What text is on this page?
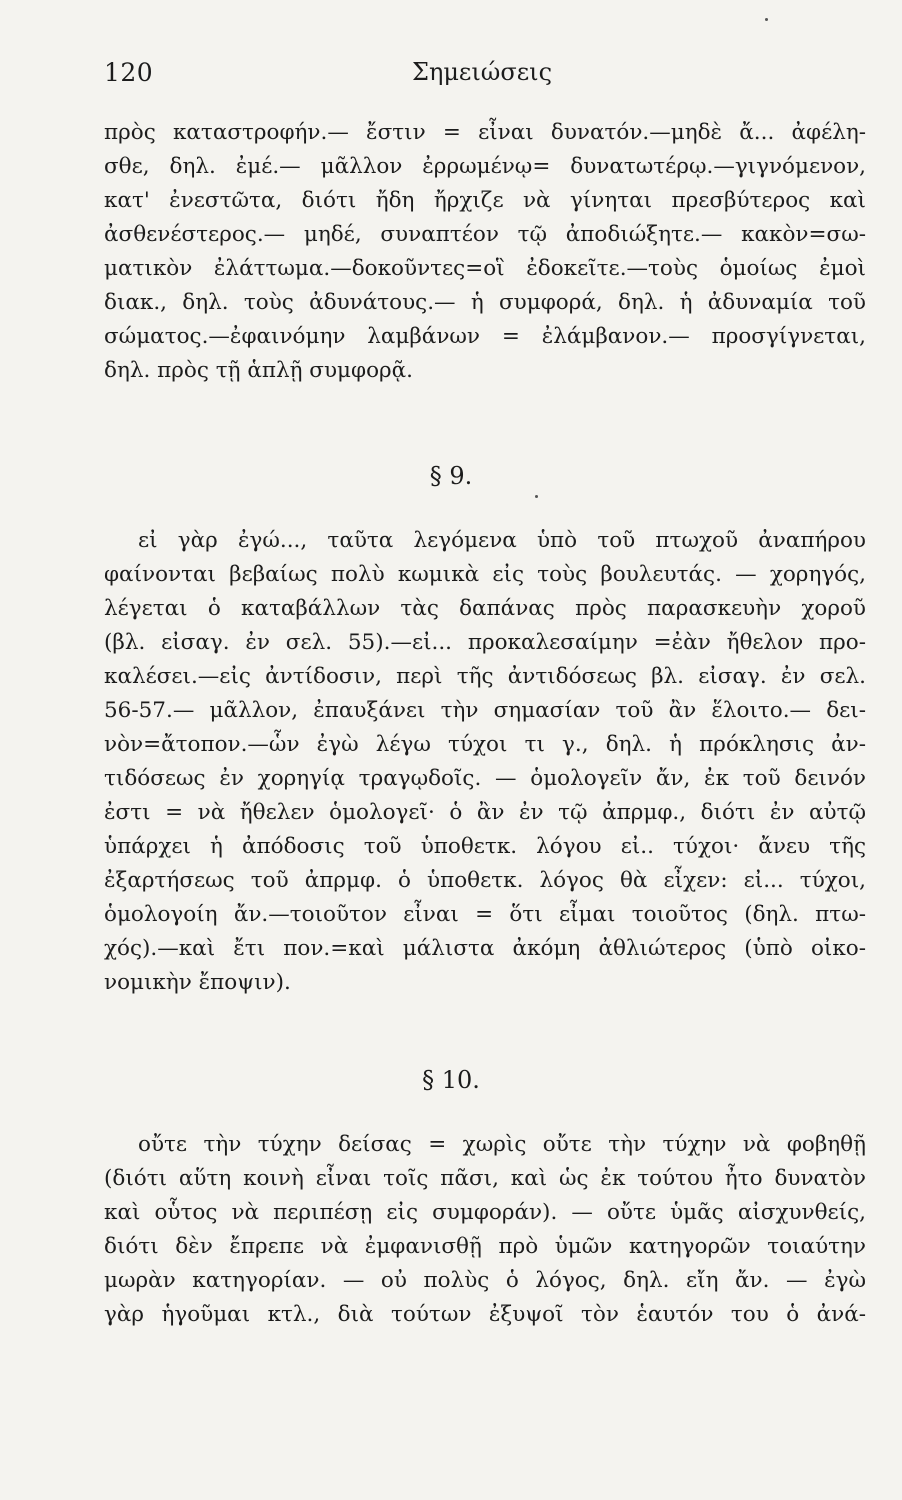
120	Σημειώσεις
πρὸς καταστροφήν.— ἔστιν = εἶναι δυνατόν.—μηδὲ ἄ... ἀφέλη-
σθε, δηλ. ἐμέ.— μᾶλλον ἐρρωμένῳ= δυνατωτέρῳ.—γιγνόμενον,
κατ' ἐνεστῶτα, διότι ἤδη ἤρχιζε νὰ γίνηται πρεσβύτερος καὶ
ἀσθενέστερος.— μηδέ, συναπτέον τῷ ἀποδιώξητε.— κακὸν=σω-
ματικὸν ἐλάττωμα.—δοκοῦντες=οἳ ἐδοκεῖτε.—τοὺς ὁμοίως ἐμοὶ
διακ., δηλ. τοὺς ἀδυνάτους.— ἡ συμφορά, δηλ. ἡ ἀδυναμία τοῦ
σώματος.—ἐφαινόμην λαμβάνων = ἐλάμβανον.— προσγίγνεται,
δηλ. πρὸς τῇ ἁπλῇ συμφορᾷ.
§ 9.
εἰ γὰρ ἐγώ..., ταῦτα λεγόμενα ὑπὸ τοῦ πτωχοῦ ἀναπήρου
φαίνονται βεβαίως πολὺ κωμικὰ εἰς τοὺς βουλευτάς. — χορηγός,
λέγεται ὁ καταβάλλων τὰς δαπάνας πρὸς παρασκευὴν χοροῦ
(βλ. εἰσαγ. ἐν σελ. 55).—εἰ... προκαλεσαίμην =ἐὰν ἤθελον προ-
καλέσει.—εἰς ἀντίδοσιν, περὶ τῆς ἀντιδόσεως βλ. εἰσαγ. ἐν σελ.
56-57.— μᾶλλον, ἐπαυξάνει τὴν σημασίαν τοῦ ἂν ἕλοιτο.— δει-
νὸν=ἄτοπον.—ὧν ἐγὼ λέγω τύχοι τι γ., δηλ. ἡ πρόκλησις ἀν-
τιδόσεως ἐν χορηγίᾳ τραγῳδοῖς. — ὁμολογεῖν ἄν, ἐκ τοῦ δεινόν
ἐστι = νὰ ἤθελεν ὁμολογεῖ· ὁ ἂν ἐν τῷ ἀπρμφ., διότι ἐν αὐτῷ
ὑπάρχει ἡ ἀπόδοσις τοῦ ὑποθετκ. λόγου εἰ.. τύχοι· ἄνευ τῆς
ἐξαρτήσεως τοῦ ἀπρμφ. ὁ ὑποθετκ. λόγος θὰ εἶχεν: εἰ... τύχοι,
ὁμολογοίη ἄν.—τοιοῦτον εἶναι = ὅτι εἶμαι τοιοῦτος (δηλ. πτω-
χός).—καὶ ἔτι πον.=καὶ μάλιστα ἀκόμη ἀθλιώτερος (ὑπὸ οἰκο-
νομικὴν ἔποψιν).
§ 10.
οὔτε τὴν τύχην δείσας = χωρὶς οὔτε τὴν τύχην νὰ φοβηθῇ
(διότι αὕτη κοινὴ εἶναι τοῖς πᾶσι, καὶ ὡς ἐκ τούτου ἦτο δυνατὸν
καὶ οὗτος νὰ περιπέσῃ εἰς συμφοράν). — οὔτε ὑμᾶς αἰσχυνθείς,
διότι δὲν ἔπρεπε νὰ ἐμφανισθῇ πρὸ ὑμῶν κατηγορῶν τοιαύτην
μωρὰν κατηγορίαν. — οὐ πολὺς ὁ λόγος, δηλ. εἴη ἄν. — ἐγὼ
γὰρ ἡγοῦμαι κτλ., διὰ τούτων ἐξυψοῖ τὸν ἑαυτόν του ὁ ἀνά-
